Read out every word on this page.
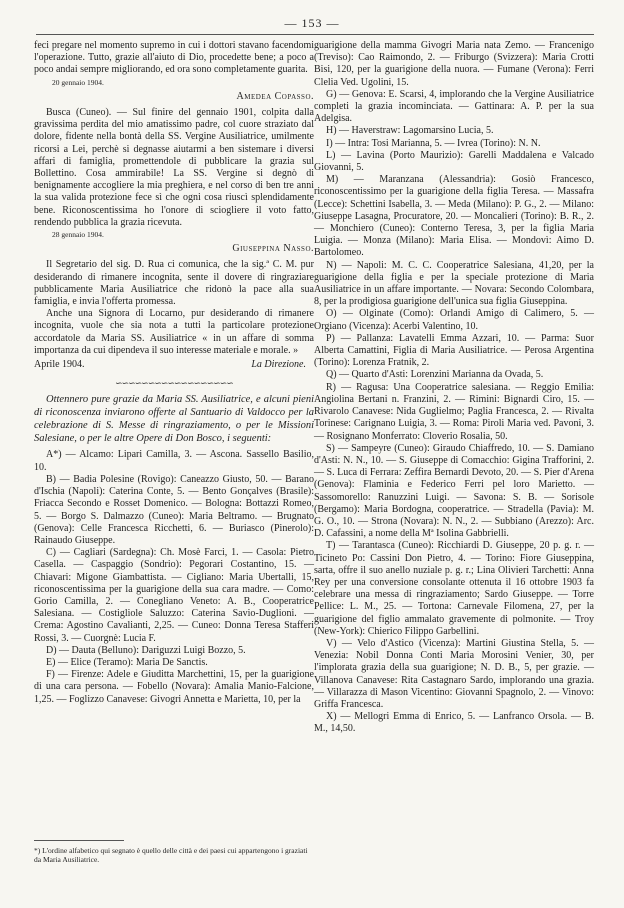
— 153 —

feci pregare nel momento supremo in cui i dottori stavano facendomi l'operazione. Tutto, grazie all'aiuto di Dio, procedette bene; a poco a poco andai sempre migliorando, ed ora sono completamente guarita.

20 gennaio 1904.

Amedea Copasso.

Busca (Cuneo). — Sul finire del gennaio 1901, colpita dalla gravissima perdita del mio amatissimo padre, col cuore straziato dal dolore, fidente nella bontà della SS. Vergine Ausiliatrice, umilmente ricorsi a Lei, perchè si degnasse aiutarmi a ben sistemare i diversi affari di famiglia, promettendole di pubblicare la grazia sul Bollettino. Cosa ammirabile! La SS. Vergine si degnò di benignamente accogliere la mia preghiera, e nel corso di ben tre anni la sua valida protezione fece sì che ogni cosa riuscì splendidamente bene. Riconoscentissima ho l'onore di sciogliere il voto fatto, rendendo pubblica la grazia ricevuta.

28 gennaio 1904.

Giuseppina Nasso.

Il Segretario del sig. D. Rua ci comunica, che la sig.ª C. M. pur desiderando di rimanere incognita, sente il dovere di ringraziare pubblicamente Maria Ausiliatrice che ridonò la pace alla sua famiglia, e invia l'offerta promessa.

Anche una Signora di Locarno, pur desiderando di rimanere incognita, vuole che sia nota a tutti la particolare protezione accordatole da Maria SS. Ausiliatrice « in un affare di somma importanza da cui dipendeva il suo interesse materiale e morale. »

Aprile 1904.	La Direzione.
∽∽∽∽∽∽∽∽∽∽∽∽∽∽∽∽∽∽

Ottennero pure grazie da Maria SS. Ausiliatrice, e alcuni pieni di riconoscenza inviarono offerte al Santuario di Valdocco per la celebrazione di S. Messe di ringraziamento, o per le Missioni Salesiane, o per le altre Opere di Don Bosco, i seguenti:

A*) — Alcamo: Lipari Camilla, 3. — Ascona. Sassello Basilio, 10.

B) — Badia Polesine (Rovigo): Caneazzo Giusto, 50. — Barano d'Ischia (Napoli): Caterina Conte, 5. — Bento Gonçalves (Brasile): Friacca Secondo e Rosset Domenico. — Bologna: Bottazzi Romeo, 5. — Borgo S. Dalmazzo (Cuneo): Maria Beltramo. — Brugnato (Genova): Celle Francesca Ricchetti, 6. — Buriasco (Pinerolo): Rainaudo Giuseppe.

C) — Cagliari (Sardegna): Ch. Mosè Farci, 1. — Casola: Pietro Casella. — Caspaggio (Sondrio): Pegorari Costantino, 15. — Chiavari: Migone Giambattista. — Cigliano: Maria Ubertalli, 15, riconoscentissima per la guarigione della sua cara madre. — Como: Gorio Camilla, 2. — Conegliano Veneto: A. B., Cooperatrice Salesiana. — Costigliole Saluzzo: Caterina Savio-Duglioni. — Crema: Agostino Cavalianti, 2,25. — Cuneo: Donna Teresa Stafferi Rossi, 3. — Cuorgnè: Lucia F.

D) — Dauta (Belluno): Dariguzzi Luigi Bozzo, 5.

E) — Elice (Teramo): Maria De Sanctis.

F) — Firenze: Adele e Giuditta Marchettini, 15, per la guarigione di una cara persona. — Fobello (Novara): Amalia Manio-Falcione, 1,25. — Foglizzo Canavese: Givogri Annetta e Marietta, 10, per la

*) L'ordine alfabetico qui segnato è quello delle città e dei paesi cui appartengono i graziati da Maria Ausiliatrice.

guarigione della mamma Givogri Maria nata Zemo. — Francenigo (Treviso): Cao Raimondo, 2. — Friburgo (Svizzera): Maria Crotti Bisi, 120, per la guarigione della nuora. — Fumane (Verona): Ferri Clelia Ved. Ugolini, 15.

G) — Genova: E. Scarsi, 4, implorando che la Vergine Ausiliatrice completi la grazia incominciata. — Gattinara: A. P. per la sua Adelgisa.

H) — Haverstraw: Lagomarsino Lucia, 5.

I) — Intra: Tosi Marianna, 5. — Ivrea (Torino): N. N.

L) — Lavina (Porto Maurizio): Garelli Maddalena e Valcado Giovanni, 5.

M) — Maranzana (Alessandria): Gosiò Francesco, riconoscentissimo per la guarigione della figlia Teresa. — Massafra (Lecce): Schettini Isabella, 3. — Meda (Milano): P. G., 2. — Milano: Giuseppe Lasagna, Procuratore, 20. — Moncalieri (Torino): B. R., 2. — Monchiero (Cuneo): Conterno Teresa, 3, per la figlia Maria Luigia. — Monza (Milano): Maria Elisa. — Mondovì: Aimo D. Bartolomeo.

N) — Napoli: M. C. C. Cooperatrice Salesiana, 41,20, per la guarigione della figlia e per la speciale protezione di Maria Ausiliatrice in un affare importante. — Novara: Secondo Colombara, 8, per la prodigiosa guarigione dell'unica sua figlia Giuseppina.

O) — Olginate (Como): Orlandi Amigo di Calimero, 5. — Orgiano (Vicenza): Acerbi Valentino, 10.

P) — Pallanza: Lavatelli Emma Azzari, 10. — Parma: Suor Alberta Camattini, Figlia di Maria Ausiliatrice. — Perosa Argentina (Torino): Lorenza Fratnik, 2.

Q) — Quarto d'Asti: Lorenzini Marianna da Ovada, 5.

R) — Ragusa: Una Cooperatrice salesiana. — Reggio Emilia: Angiolina Bertani n. Franzini, 2. — Rimini: Bignardi Ciro, 15. — Rivarolo Canavese: Nida Guglielmo; Paglia Francesca, 2. — Rivalta Torinese: Carignano Luigia, 3. — Roma: Piroli Maria ved. Pavoni, 3. — Rosignano Monferrato: Cloverio Rosalia, 50.

S) — Sampeyre (Cuneo): Giraudo Chiaffredo, 10. — S. Damiano d'Asti: N. N., 10. — S. Giuseppe di Comacchio: Gigina Trafforini, 2. — S. Luca di Ferrara: Zeffira Bernardi Devoto, 20. — S. Pier d'Arena (Genova): Flaminia e Federico Ferri pel loro Marietto. — Sassomorello: Ranuzzini Luigi. — Savona: S. B. — Sorisole (Bergamo): Maria Bordogna, cooperatrice. — Stradella (Pavia): M. G. O., 10. — Strona (Novara): N. N., 2. — Subbiano (Arezzo): Arc. D. Cafassini, a nome della Mª Isolina Gabbrielli.

T) — Tarantasca (Cuneo): Ricchiardi D. Giuseppe, 20 p. g. r. — Ticineto Po: Cassini Don Pietro, 4. — Torino: Fiore Giuseppina, sarta, offre il suo anello nuziale p. g. r.; Lina Olivieri Tarchetti: Anna Rey per una conversione consolante ottenuta il 16 ottobre 1903 fa celebrare una messa di ringraziamento; Sardo Giuseppe. — Torre Pellice: L. M., 25. — Tortona: Carnevale Filomena, 27, per la guarigione del figlio ammalato gravemente di polmonite. — Troy (New-York): Chierico Filippo Garbellini.

V) — Velo d'Astico (Vicenza): Martini Giustina Stella, 5. — Venezia: Nobil Donna Conti Maria Morosini Venier, 30, per l'implorata grazia della sua guarigione; N. D. B., 5, per grazie. — Villanova Canavese: Rita Castagnaro Sardo, implorando una grazia. — Villarazza di Mason Vicentino: Giovanni Spagnolo, 2. — Vinovo: Griffa Francesca.

X) — Mellogri Emma di Enrico, 5. — Lanfranco Orsola. — B. M., 14,50.
